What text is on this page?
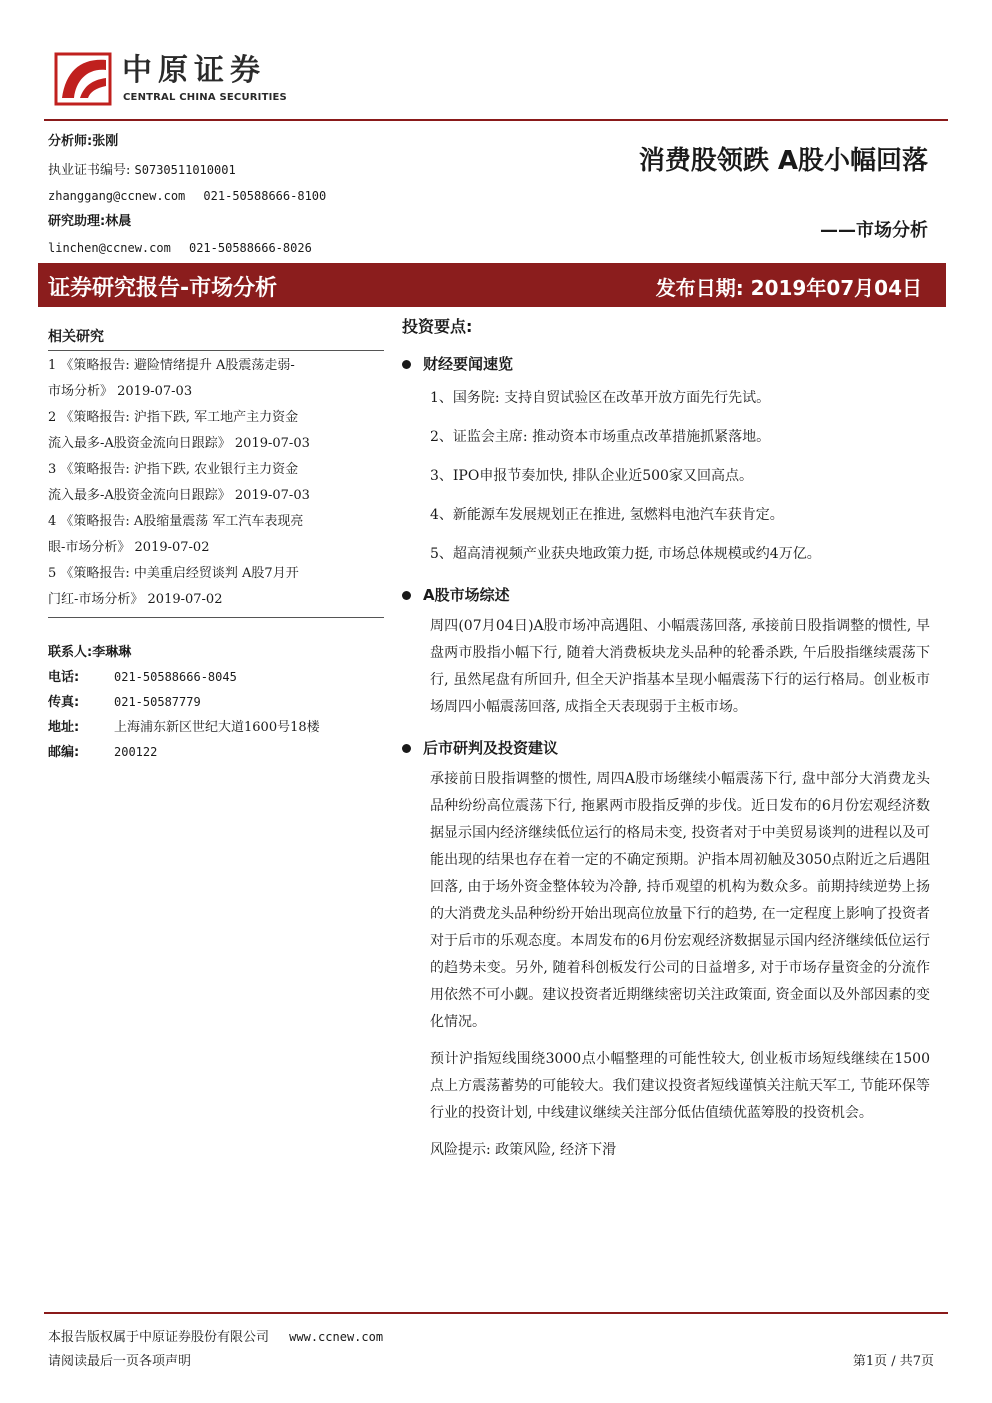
中原证券
CENTRAL CHINA SECURITIES
分析师:张刚
执业证书编号: S0730511010001
zhanggang@ccnew.com 021-50588666-8100
研究助理:林晨
linchen@ccnew.com 021-50588666-8026
消费股领跌 A股小幅回落
——市场分析
证券研究报告-市场分析	发布日期: 2019年07月04日
相关研究
1 《策略报告: 避险情绪提升 A股震荡走弱-
市场分析》 2019-07-03
2 《策略报告: 沪指下跌, 军工地产主力资金
流入最多-A股资金流向日跟踪》 2019-07-03
3 《策略报告: 沪指下跌, 农业银行主力资金
流入最多-A股资金流向日跟踪》 2019-07-03
4 《策略报告: A股缩量震荡 军工汽车表现亮
眼-市场分析》 2019-07-02
5 《策略报告: 中美重启经贸谈判 A股7月开
门红-市场分析》 2019-07-02
联系人:李琳琳
电话:	021-50588666-8045
传真:	021-50587779
地址:	上海浦东新区世纪大道1600号18楼
邮编:	200122
投资要点:
财经要闻速览
1、国务院: 支持自贸试验区在改革开放方面先行先试。
2、证监会主席: 推动资本市场重点改革措施抓紧落地。
3、IPO申报节奏加快, 排队企业近500家又回高点。
4、新能源车发展规划正在推进, 氢燃料电池汽车获肯定。
5、超高清视频产业获央地政策力挺, 市场总体规模或约4万亿。
A股市场综述
周四(07月04日)A股市场冲高遇阻、小幅震荡回落, 承接前日股指调整的惯性, 早盘两市股指小幅下行, 随着大消费板块龙头品种的轮番杀跌, 午后股指继续震荡下行, 虽然尾盘有所回升, 但全天沪指基本呈现小幅震荡下行的运行格局。创业板市场周四小幅震荡回落, 成指全天表现弱于主板市场。
后市研判及投资建议
承接前日股指调整的惯性, 周四A股市场继续小幅震荡下行, 盘中部分大消费龙头品种纷纷高位震荡下行, 拖累两市股指反弹的步伐。近日发布的6月份宏观经济数据显示国内经济继续低位运行的格局未变, 投资者对于中美贸易谈判的进程以及可能出现的结果也存在着一定的不确定预期。沪指本周初触及3050点附近之后遇阻回落, 由于场外资金整体较为冷静, 持币观望的机构为数众多。前期持续逆势上扬的大消费龙头品种纷纷开始出现高位放量下行的趋势, 在一定程度上影响了投资者对于后市的乐观态度。本周发布的6月份宏观经济数据显示国内经济继续低位运行的趋势未变。另外, 随着科创板发行公司的日益增多, 对于市场存量资金的分流作用依然不可小觑。建议投资者近期继续密切关注政策面, 资金面以及外部因素的变化情况。
预计沪指短线围绕3000点小幅整理的可能性较大, 创业板市场短线继续在1500点上方震荡蓄势的可能较大。我们建议投资者短线谨慎关注航天军工, 节能环保等行业的投资计划, 中线建议继续关注部分低估值绩优蓝筹股的投资机会。
风险提示: 政策风险, 经济下滑
本报告版权属于中原证券股份有限公司 www.ccnew.com
请阅读最后一页各项声明	第1页 / 共7页
